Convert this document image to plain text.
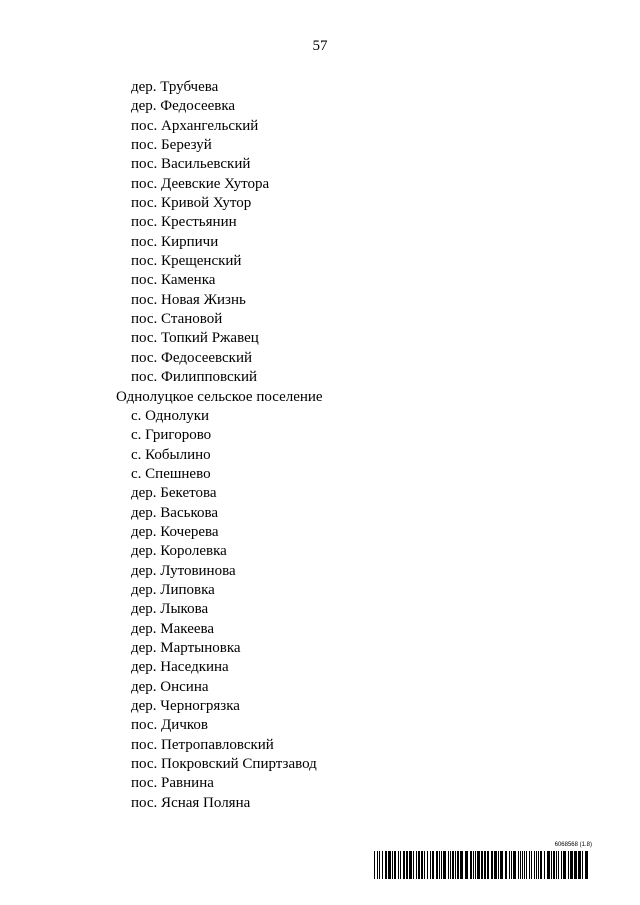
57
дер. Трубчева
дер. Федосеевка
пос. Архангельский
пос. Березуй
пос. Васильевский
пос. Деевские Хутора
пос. Кривой Хутор
пос. Крестьянин
пос. Кирпичи
пос. Крещенский
пос. Каменка
пос. Новая Жизнь
пос. Становой
пос. Топкий Ржавец
пос. Федосеевский
пос. Филипповский
Однолуцкое сельское поселение
с. Однолуки
с. Григорово
с. Кобылино
с. Спешнево
дер. Бекетова
дер. Васькова
дер. Кочерева
дер. Королевка
дер. Лутовинова
дер. Липовка
дер. Лыкова
дер. Макеева
дер. Мартыновка
дер. Наседкина
дер. Онсина
дер. Черногрязка
пос. Дичков
пос. Петропавловский
пос. Покровский Спиртзавод
пос. Равнина
пос. Ясная Поляна
6068568 (1.8)
